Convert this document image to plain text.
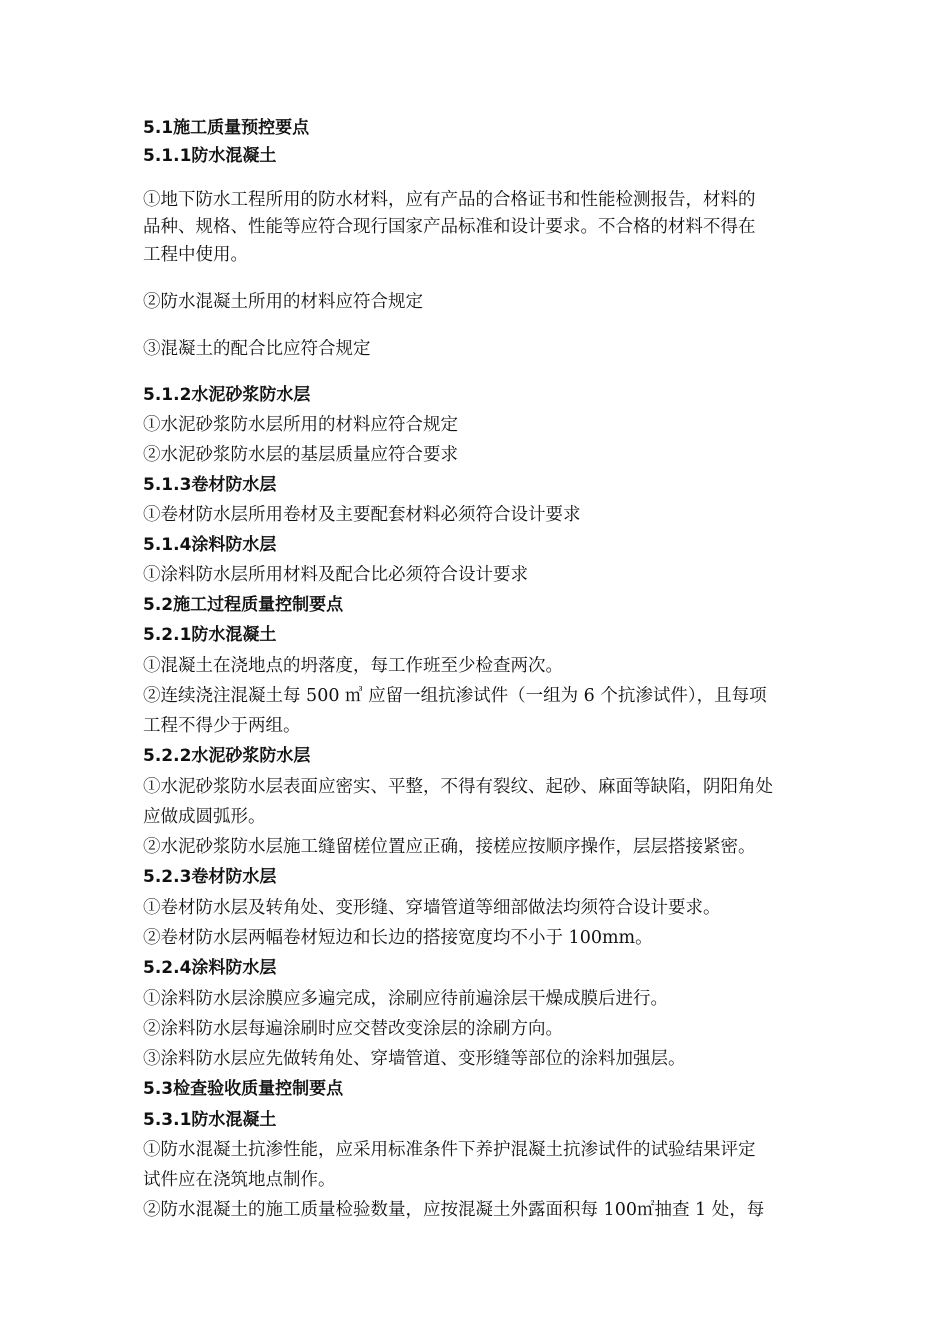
5.1施工质量预控要点
5.1.1防水混凝土
①地下防水工程所用的防水材料，应有产品的合格证书和性能检测报告，材料的
品种、规格、性能等应符合现行国家产品标准和设计要求。不合格的材料不得在
工程中使用。
②防水混凝土所用的材料应符合规定
③混凝土的配合比应符合规定
5.1.2水泥砂浆防水层
①水泥砂浆防水层所用的材料应符合规定
②水泥砂浆防水层的基层质量应符合要求
5.1.3卷材防水层
①卷材防水层所用卷材及主要配套材料必须符合设计要求
5.1.4涂料防水层
①涂料防水层所用材料及配合比必须符合设计要求
5.2施工过程质量控制要点
5.2.1防水混凝土
①混凝土在浇地点的坍落度，每工作班至少检查两次。
②连续浇注混凝土每 500 ㎥ 应留一组抗渗试件（一组为 6 个抗渗试件），且每项
工程不得少于两组。
5.2.2水泥砂浆防水层
①水泥砂浆防水层表面应密实、平整，不得有裂纹、起砂、麻面等缺陷，阴阳角处
应做成圆弧形。
②水泥砂浆防水层施工缝留槎位置应正确，接槎应按顺序操作，层层搭接紧密。
5.2.3卷材防水层
①卷材防水层及转角处、变形缝、穿墙管道等细部做法均须符合设计要求。
②卷材防水层两幅卷材短边和长边的搭接宽度均不小于 100mm。
5.2.4涂料防水层
①涂料防水层涂膜应多遍完成，涂刷应待前遍涂层干燥成膜后进行。
②涂料防水层每遍涂刷时应交替改变涂层的涂刷方向。
③涂料防水层应先做转角处、穿墙管道、变形缝等部位的涂料加强层。
5.3检查验收质量控制要点
5.3.1防水混凝土
①防水混凝土抗渗性能，应采用标准条件下养护混凝土抗渗试件的试验结果评定
试件应在浇筑地点制作。
②防水混凝土的施工质量检验数量，应按混凝土外露面积每 100㎡抽查 1 处，每
